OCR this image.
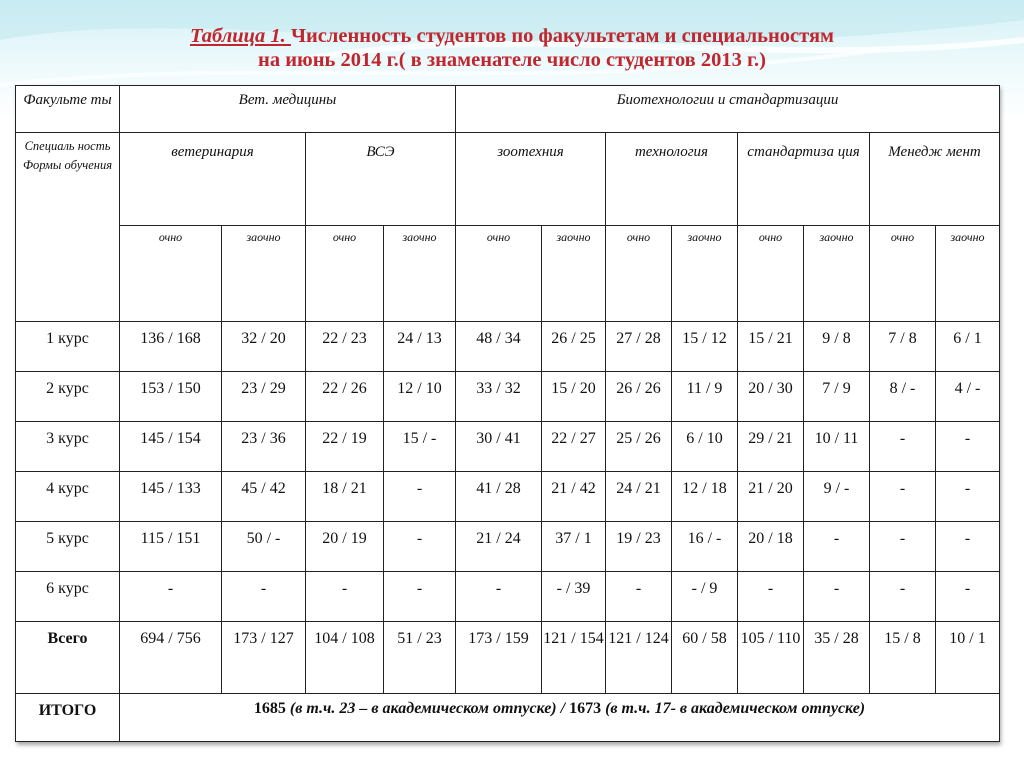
Таблица 1. Численность студентов по факультетам и специальностям
на июнь 2014 г.( в знаменателе число студентов 2013 г.)
Факульте ты	Вет. медицины				Биотехнологии и стандартизации							
Специаль ность Формы обучения	ветеринария		ВСЭ		зоотехния		технология		стандартиза ция		Менедж мент	
	очно	заочно	очно	заочно	очно	заочно	очно	заочно	очно	заочно	очно	заочно
1 курс	136 / 168	32 / 20	22 / 23	24 / 13	48 / 34	26 / 25	27 / 28	15 / 12	15 / 21	9 / 8	7 / 8	6 / 1
2 курс	153 / 150	23 / 29	22 / 26	12 / 10	33 / 32	15 / 20	26 / 26	11 / 9	20 / 30	7 / 9	8 / -	4 / -
3 курс	145 / 154	23 / 36	22 / 19	15 / -	30 / 41	22 / 27	25 / 26	6 / 10	29 / 21	10 / 11	-	-
4 курс	145 / 133	45 / 42	18 / 21	-	41 / 28	21 / 42	24 / 21	12 / 18	21 / 20	9 / -	-	-
5 курс	115 / 151	50 / -	20 / 19	-	21 / 24	37 / 1	19 / 23	16 / -	20 / 18	-	-	-
6 курс	-	-	-	-	-	- / 39	-	- / 9	-	-	-	-
Всего	694 / 756	173 / 127	104 / 108	51 / 23	173 / 159	121 / 154	121 / 124	60 / 58	105 / 110	35 / 28	15 / 8	10 / 1
ИТОГО	1685 (в т.ч. 23 – в академическом отпуске) / 1673 (в т.ч. 17- в академическом отпуске)											
